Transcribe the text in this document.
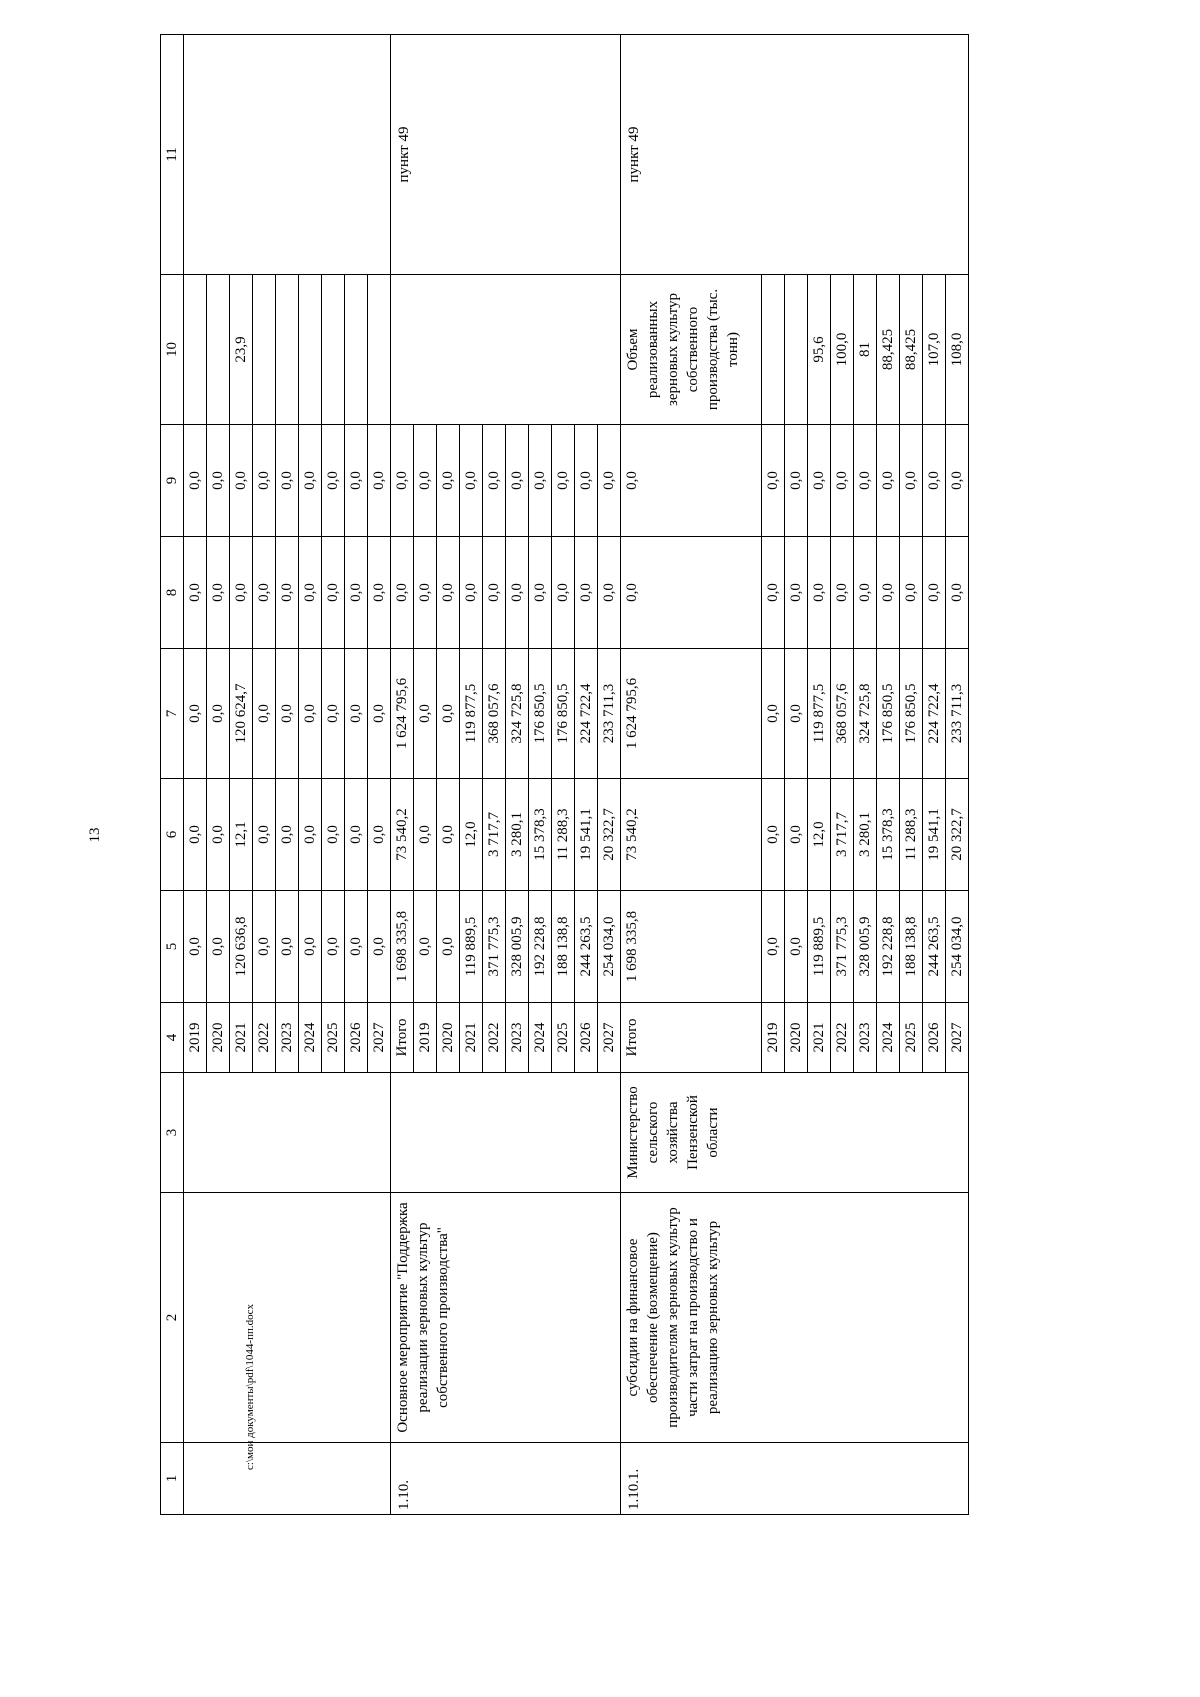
13
1	2	3	4	5	6	7	8	9	10	11
			2019	0,0	0,0	0,0	0,0	0,0		
			2020	0,0	0,0	0,0	0,0	0,0		
			2021	120 636,8	12,1	120 624,7	0,0	0,0	23,9	
			2022	0,0	0,0	0,0	0,0	0,0		
			2023	0,0	0,0	0,0	0,0	0,0		
			2024	0,0	0,0	0,0	0,0	0,0		
			2025	0,0	0,0	0,0	0,0	0,0		
			2026	0,0	0,0	0,0	0,0	0,0		
			2027	0,0	0,0	0,0	0,0	0,0		
1.10.	Основное мероприятие "Поддержка реализации зерновых культур собственного производства"		Итого	1 698 335,8	73 540,2	1 624 795,6	0,0	0,0		пункт 49
			2019	0,0	0,0	0,0	0,0	0,0		
			2020	0,0	0,0	0,0	0,0	0,0		
			2021	119 889,5	12,0	119 877,5	0,0	0,0		
			2022	371 775,3	3 717,7	368 057,6	0,0	0,0		
			2023	328 005,9	3 280,1	324 725,8	0,0	0,0		
			2024	192 228,8	15 378,3	176 850,5	0,0	0,0		
			2025	188 138,8	11 288,3	176 850,5	0,0	0,0		
			2026	244 263,5	19 541,1	224 722,4	0,0	0,0		
			2027	254 034,0	20 322,7	233 711,3	0,0	0,0		
1.10.1.	субсидии на финансовое обеспечение (возмещение) производителям зерновых культур части затрат на производство и реализацию зерновых культур	Министерство сельского хозяйства Пензенской области	Итого	1 698 335,8	73 540,2	1 624 795,6	0,0	0,0	Объем реализованных зерновых культур собственного производства (тыс. тонн)	пункт 49
			2019	0,0	0,0	0,0	0,0	0,0		
			2020	0,0	0,0	0,0	0,0	0,0		
			2021	119 889,5	12,0	119 877,5	0,0	0,0	95,6	
			2022	371 775,3	3 717,7	368 057,6	0,0	0,0	100,0	
			2023	328 005,9	3 280,1	324 725,8	0,0	0,0	81	
			2024	192 228,8	15 378,3	176 850,5	0,0	0,0	88,425	
			2025	188 138,8	11 288,3	176 850,5	0,0	0,0	88,425	
			2026	244 263,5	19 541,1	224 722,4	0,0	0,0	107,0	
			2027	254 034,0	20 322,7	233 711,3	0,0	0,0	108,0	
c:\мои документы\pdf\1044-пп.docx
